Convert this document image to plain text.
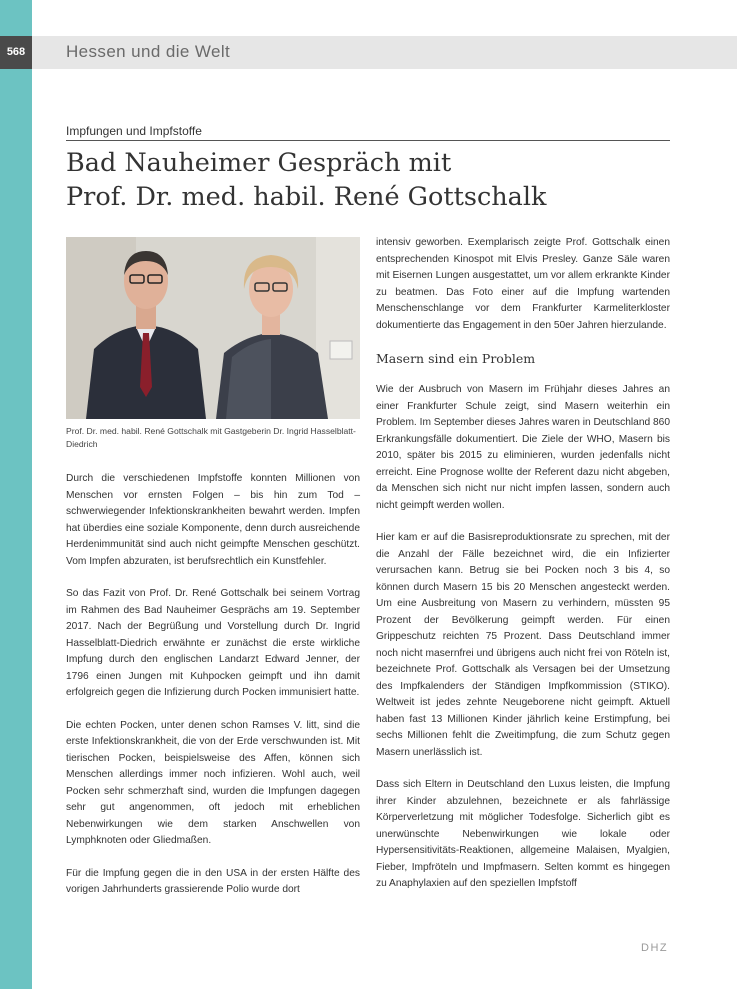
568	Hessen und die Welt
Impfungen und Impfstoffe
Bad Nauheimer Gespräch mit
Prof. Dr. med. habil. René Gottschalk
Prof. Dr. med. habil. René Gottschalk mit Gastgeberin Dr. Ingrid Hasselblatt-Diedrich

Durch die verschiedenen Impfstoffe konnten Millionen von Menschen vor ernsten Folgen – bis hin zum Tod – schwerwiegender Infektionskrankheiten bewahrt werden. Impfen hat überdies eine soziale Komponente, denn durch ausreichende Herdenimmunität sind auch nicht geimpfte Menschen geschützt. Vom Impfen abzuraten, ist berufsrechtlich ein Kunstfehler.

So das Fazit von Prof. Dr. René Gottschalk bei seinem Vortrag im Rahmen des Bad Nauheimer Gesprächs am 19. September 2017. Nach der Begrüßung und Vorstellung durch Dr. Ingrid Hasselblatt-Diedrich erwähnte er zunächst die erste wirkliche Impfung durch den englischen Landarzt Edward Jenner, der 1796 einen Jungen mit Kuhpocken geimpft und ihn damit erfolgreich gegen die Infizierung durch Pocken immunisiert hatte.

Die echten Pocken, unter denen schon Ramses V. litt, sind die erste Infektionskrankheit, die von der Erde verschwunden ist. Mit tierischen Pocken, beispielsweise des Affen, können sich Menschen allerdings immer noch infizieren. Wohl auch, weil Pocken sehr schmerzhaft sind, wurden die Impfungen dagegen sehr gut angenommen, oft jedoch mit erheblichen Nebenwirkungen wie dem starken Anschwellen von Lymphknoten oder Gliedmaßen.

Für die Impfung gegen die in den USA in der ersten Hälfte des vorigen Jahrhunderts grassierende Polio wurde dort

intensiv geworben. Exemplarisch zeigte Prof. Gottschalk einen entsprechenden Kinospot mit Elvis Presley. Ganze Säle waren mit Eisernen Lungen ausgestattet, um vor allem erkrankte Kinder zu beatmen. Das Foto einer auf die Impfung wartenden Menschenschlange vor dem Frankfurter Karmeliterkloster dokumentierte das Engagement in den 50er Jahren hierzulande.

Masern sind ein Problem

Wie der Ausbruch von Masern im Frühjahr dieses Jahres an einer Frankfurter Schule zeigt, sind Masern weiterhin ein Problem. Im September dieses Jahres waren in Deutschland 860 Erkrankungsfälle dokumentiert. Die Ziele der WHO, Masern bis 2010, später bis 2015 zu eliminieren, wurden jedenfalls nicht erreicht. Eine Prognose wollte der Referent dazu nicht abgeben, da Menschen sich nicht nur nicht impfen lassen, sondern auch nicht geimpft werden wollen.

Hier kam er auf die Basisreproduktionsrate zu sprechen, mit der die Anzahl der Fälle bezeichnet wird, die ein Infizierter verursachen kann. Betrug sie bei Pocken noch 3 bis 4, so können durch Masern 15 bis 20 Menschen angesteckt werden. Um eine Ausbreitung von Masern zu verhindern, müssten 95 Prozent der Bevölkerung geimpft werden. Für einen Grippeschutz reichten 75 Prozent. Dass Deutschland immer noch nicht masernfrei und übrigens auch nicht frei von Röteln ist, bezeichnete Prof. Gottschalk als Versagen bei der Umsetzung des Impfkalenders der Ständigen Impfkommission (STIKO). Weltweit ist jedes zehnte Neugeborene nicht geimpft. Aktuell haben fast 13 Millionen Kinder jährlich keine Erstimpfung, bei sechs Millionen fehlt die Zweitimpfung, die zum Schutz gegen Masern unerlässlich ist.

Dass sich Eltern in Deutschland den Luxus leisten, die Impfung ihrer Kinder abzulehnen, bezeichnete er als fahrlässige Körperverletzung mit möglicher Todesfolge. Sicherlich gibt es unerwünschte Nebenwirkungen wie lokale oder Hypersensitivitäts-Reaktionen, allgemeine Malaisen, Myalgien, Fieber, Impfröteln und Impfmasern. Selten kommt es hingegen zu Anaphylaxien auf den speziellen Impfstoff

DHZ
